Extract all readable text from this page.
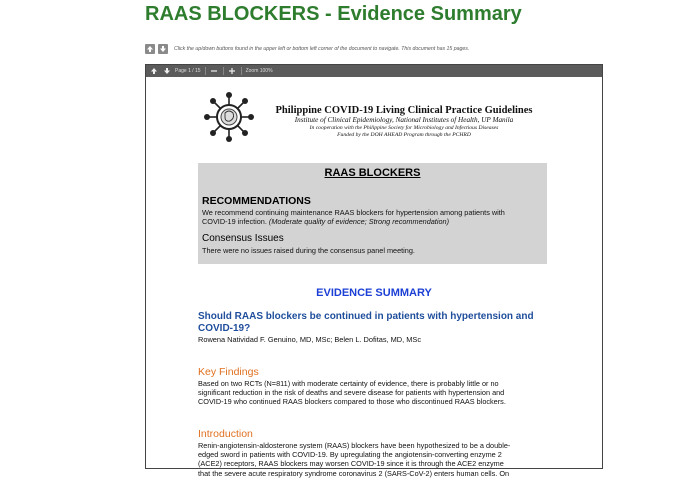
RAAS BLOCKERS - Evidence Summary
Click the up/down buttons found in the upper left or bottom left corner of the document to navigate. This document has 15 pages.
Page 1 / 15	Zoom 100%
Philippine COVID-19 Living Clinical Practice Guidelines
Institute of Clinical Epidemiology, National Institutes of Health, UP Manila
In cooperation with the Philippine Society for Microbiology and Infectious Diseases
Funded by the DOH AHEAD Program through the PCHRD
RAAS BLOCKERS
RECOMMENDATIONS
We recommend continuing maintenance RAAS blockers for hypertension among patients with
COVID-19 infection. (Moderate quality of evidence; Strong recommendation)
Consensus Issues
There were no issues raised during the consensus panel meeting.
EVIDENCE SUMMARY
Should RAAS blockers be continued in patients with hypertension and COVID-19?
Rowena Natividad F. Genuino, MD, MSc; Belen L. Dofitas, MD, MSc
Key Findings
Based on two RCTs (N=811) with moderate certainty of evidence, there is probably little or no
significant reduction in the risk of deaths and severe disease for patients with hypertension and
COVID-19 who continued RAAS blockers compared to those who discontinued RAAS blockers.
Introduction
Renin-angiotensin-aldosterone system (RAAS) blockers have been hypothesized to be a double-
edged sword in patients with COVID-19. By upregulating the angiotensin-converting enzyme 2
(ACE2) receptors, RAAS blockers may worsen COVID-19 since it is through the ACE2 enzyme
that the severe acute respiratory syndrome coronavirus 2 (SARS-CoV-2) enters human cells. On
